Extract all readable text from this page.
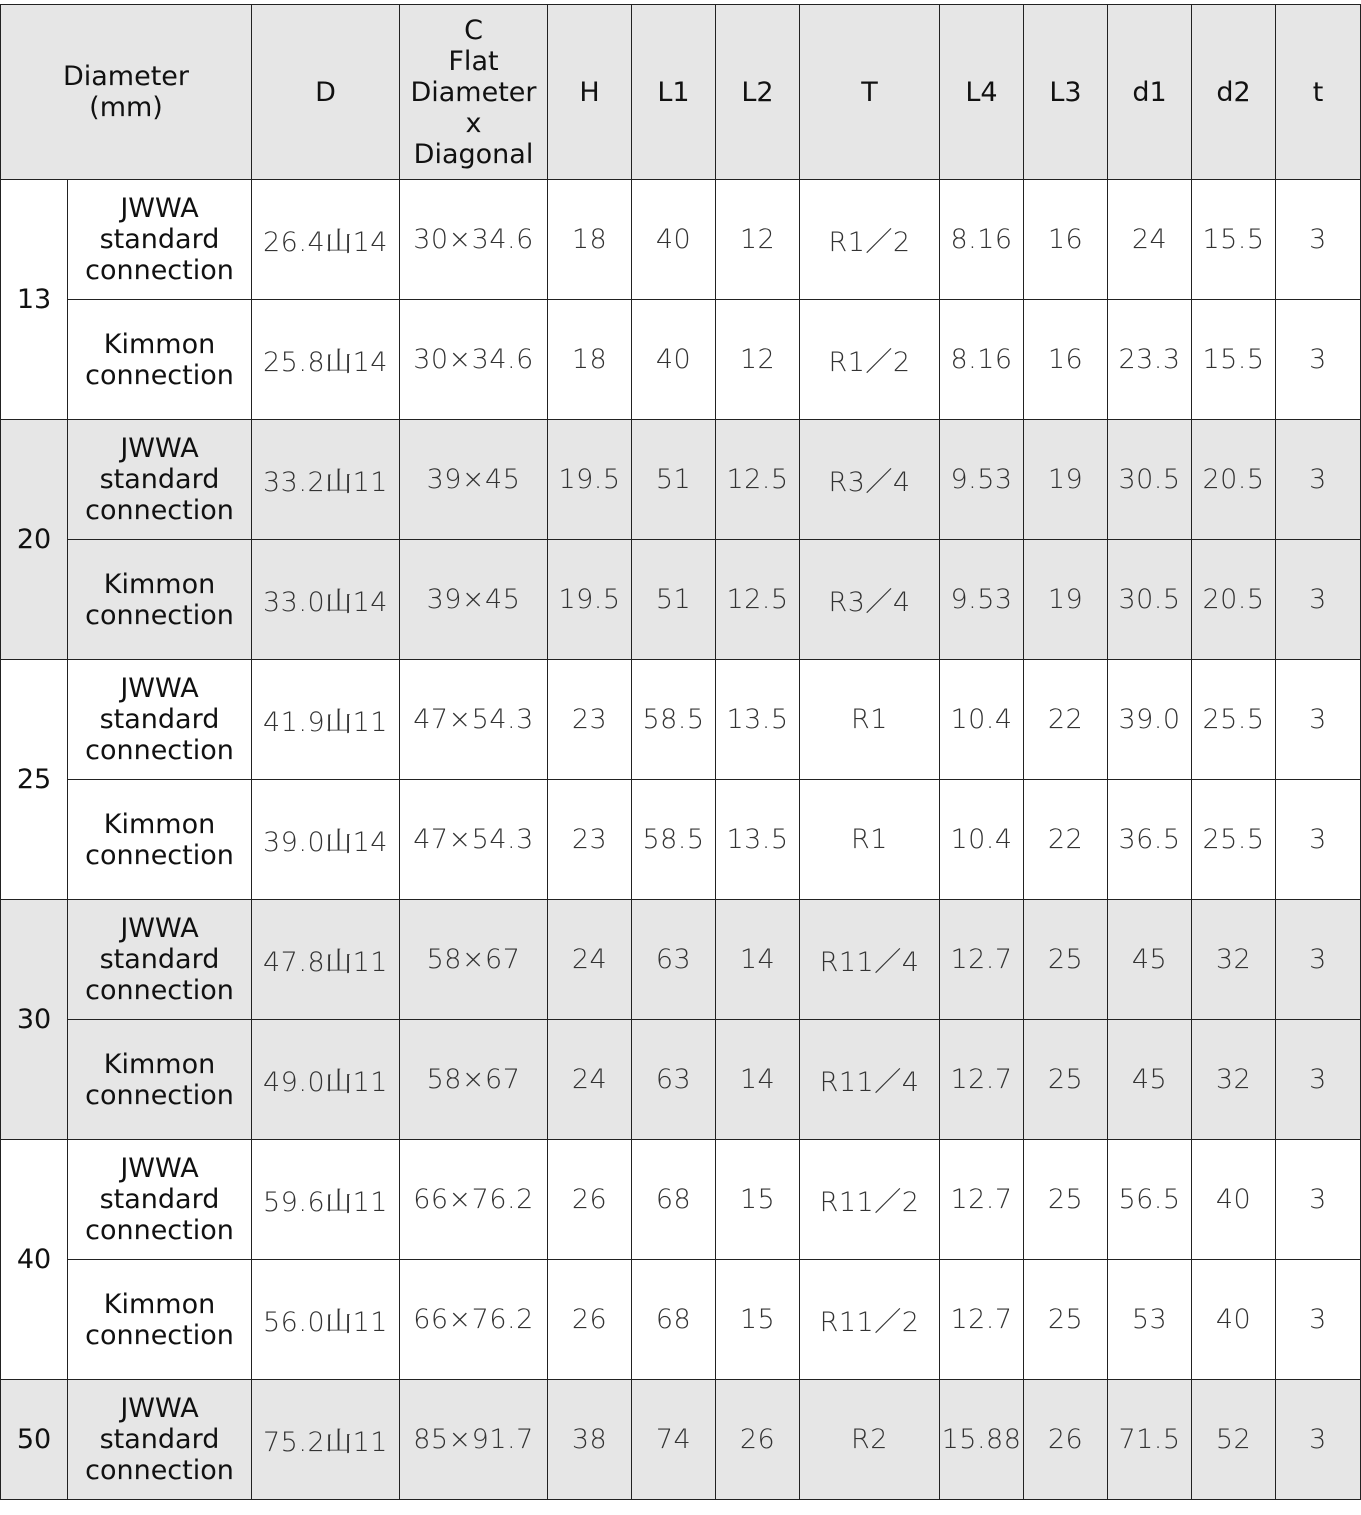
Diameter
(mm)		D	C
Flat
Diameter
x
Diagonal	H	L1	L2	T	L4	L3	d1	d2	t
13	JWWA
standard
connection	26.4山14	30×34.6	18	40	12	R1／2	8.16	16	24	15.5	3
	Kimmon
connection	25.8山14	30×34.6	18	40	12	R1／2	8.16	16	23.3	15.5	3
20	JWWA
standard
connection	33.2山11	39×45	19.5	51	12.5	R3／4	9.53	19	30.5	20.5	3
	Kimmon
connection	33.0山14	39×45	19.5	51	12.5	R3／4	9.53	19	30.5	20.5	3
25	JWWA
standard
connection	41.9山11	47×54.3	23	58.5	13.5	R1	10.4	22	39.0	25.5	3
	Kimmon
connection	39.0山14	47×54.3	23	58.5	13.5	R1	10.4	22	36.5	25.5	3
30	JWWA
standard
connection	47.8山11	58×67	24	63	14	R11／4	12.7	25	45	32	3
	Kimmon
connection	49.0山11	58×67	24	63	14	R11／4	12.7	25	45	32	3
40	JWWA
standard
connection	59.6山11	66×76.2	26	68	15	R11／2	12.7	25	56.5	40	3
	Kimmon
connection	56.0山11	66×76.2	26	68	15	R11／2	12.7	25	53	40	3
50	JWWA
standard
connection	75.2山11	85×91.7	38	74	26	R2	15.88	26	71.5	52	3
